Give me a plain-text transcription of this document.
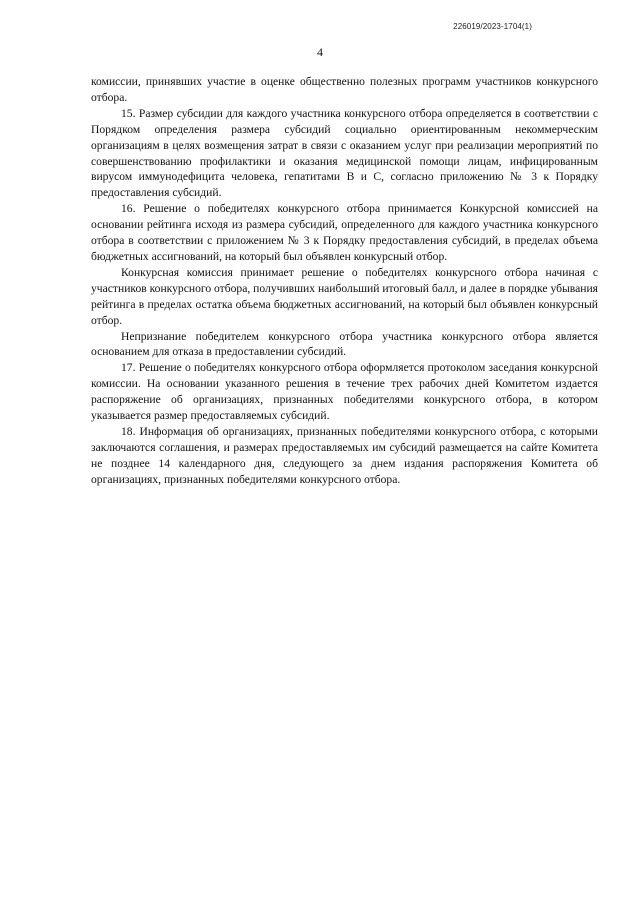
226019/2023-1704(1)
4

комиссии, принявших участие в оценке общественно полезных программ участников конкурсного отбора.

15. Размер субсидии для каждого участника конкурсного отбора определяется в соответствии с Порядком определения размера субсидий социально ориентированным некоммерческим организациям в целях возмещения затрат в связи с оказанием услуг при реализации мероприятий по совершенствованию профилактики и оказания медицинской помощи лицам, инфицированным вирусом иммунодефицита человека, гепатитами В и С, согласно приложению № 3 к Порядку предоставления субсидий.

16. Решение о победителях конкурсного отбора принимается Конкурсной комиссией на основании рейтинга исходя из размера субсидий, определенного для каждого участника конкурсного отбора в соответствии с приложением № 3 к Порядку предоставления субсидий, в пределах объема бюджетных ассигнований, на который был объявлен конкурсный отбор.

Конкурсная комиссия принимает решение о победителях конкурсного отбора начиная с участников конкурсного отбора, получивших наибольший итоговый балл, и далее в порядке убывания рейтинга в пределах остатка объема бюджетных ассигнований, на который был объявлен конкурсный отбор.

Непризнание победителем конкурсного отбора участника конкурсного отбора является основанием для отказа в предоставлении субсидий.

17. Решение о победителях конкурсного отбора оформляется протоколом заседания конкурсной комиссии. На основании указанного решения в течение трех рабочих дней Комитетом издается распоряжение об организациях, признанных победителями конкурсного отбора, в котором указывается размер предоставляемых субсидий.

18. Информация об организациях, признанных победителями конкурсного отбора, с которыми заключаются соглашения, и размерах предоставляемых им субсидий размещается на сайте Комитета не позднее 14 календарного дня, следующего за днем издания распоряжения Комитета об организациях, признанных победителями конкурсного отбора.
